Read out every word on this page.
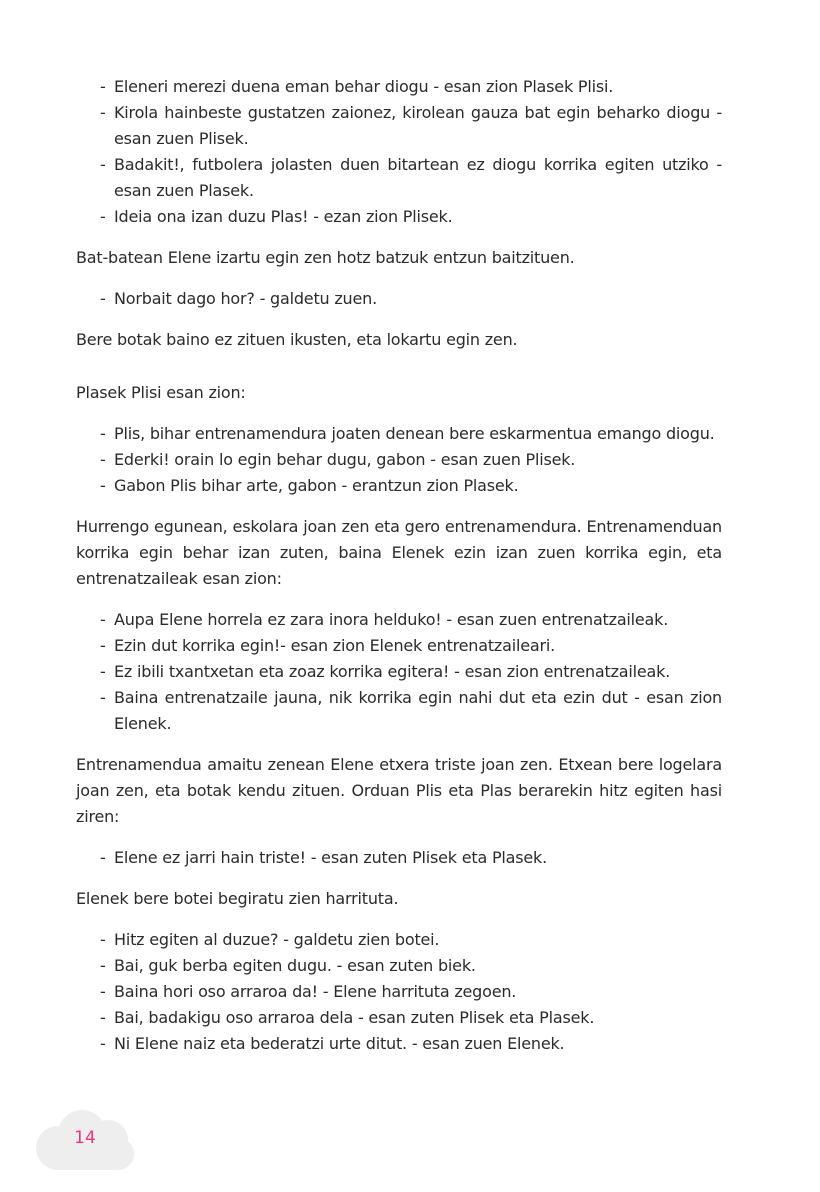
- Eleneri merezi duena eman behar diogu - esan zion Plasek Plisi.
- Kirola hainbeste gustatzen zaionez, kirolean gauza bat egin beharko diogu - esan zuen Plisek.
- Badakit!, futbolera jolasten duen bitartean ez diogu korrika egiten utziko - esan zuen Plasek.
- Ideia ona izan duzu Plas! - ezan zion Plisek.

Bat-batean Elene izartu egin zen hotz batzuk entzun baitzituen.

- Norbait dago hor? - galdetu zuen.

Bere botak baino ez zituen ikusten, eta lokartu egin zen.

Plasek Plisi esan zion:

- Plis, bihar entrenamendura joaten denean bere eskarmentua emango diogu.
- Ederki! orain lo egin behar dugu, gabon - esan zuen Plisek.
- Gabon Plis bihar arte, gabon - erantzun zion Plasek.

Hurrengo egunean, eskolara joan zen eta gero entrenamendura. Entrenamenduan korrika egin behar izan zuten, baina Elenek ezin izan zuen korrika egin, eta entrenatzaileak esan zion:

- Aupa Elene horrela ez zara inora helduko! - esan zuen entrenatzaileak.
- Ezin dut korrika egin!- esan zion Elenek entrenatzaileari.
- Ez ibili txantxetan eta zoaz korrika egitera! - esan zion entrenatzaileak.
- Baina entrenatzaile jauna, nik korrika egin nahi dut eta ezin dut - esan zion Elenek.

Entrenamendua amaitu zenean Elene etxera triste joan zen. Etxean bere logelara joan zen, eta botak kendu zituen. Orduan Plis eta Plas berarekin hitz egiten hasi ziren:

- Elene ez jarri hain triste! - esan zuten Plisek eta Plasek.

Elenek bere botei begiratu zien harrituta.

- Hitz egiten al duzue? - galdetu zien botei.
- Bai, guk berba egiten dugu. - esan zuten biek.
- Baina hori oso arraroa da! - Elene harrituta zegoen.
- Bai, badakigu oso arraroa dela - esan zuten Plisek eta Plasek.
- Ni Elene naiz eta bederatzi urte ditut. - esan zuen Elenek.
14
